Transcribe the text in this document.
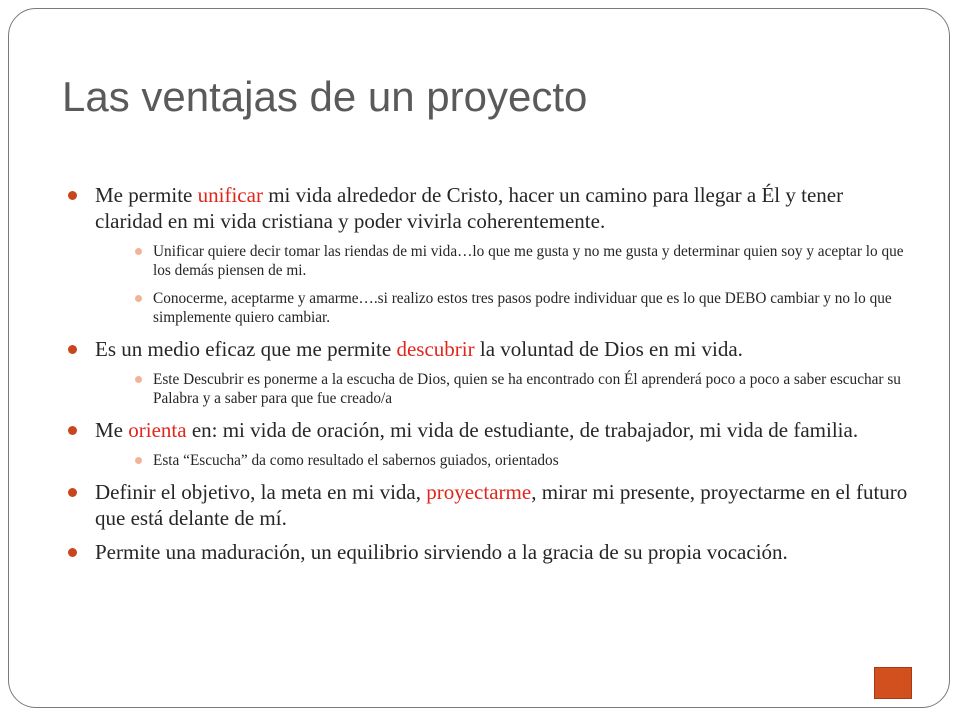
Las ventajas de un proyecto
Me permite unificar mi vida alrededor de Cristo, hacer un camino para llegar a Él y tener claridad en mi vida cristiana y poder vivirla coherentemente.
Unificar quiere decir tomar las riendas de mi vida…lo que me gusta y no me gusta y determinar quien soy y aceptar lo que los demás piensen de mi.
Conocerme, aceptarme y amarme….si realizo estos tres pasos podre individuar que es lo que DEBO cambiar y no lo que simplemente quiero cambiar.
Es un medio eficaz que me permite descubrir la voluntad de Dios en mi vida.
Este Descubrir es ponerme a la escucha de Dios, quien se ha encontrado con Él aprenderá poco a poco a saber escuchar su Palabra y a saber para que fue creado/a
Me orienta en: mi vida de oración, mi vida de estudiante, de trabajador, mi vida de familia.
Esta “Escucha” da como resultado el sabernos guiados, orientados
Definir el objetivo, la meta en mi vida, proyectarme, mirar mi presente, proyectarme en el futuro que está delante de mí.
Permite una maduración, un equilibrio sirviendo a la gracia de su propia vocación.
